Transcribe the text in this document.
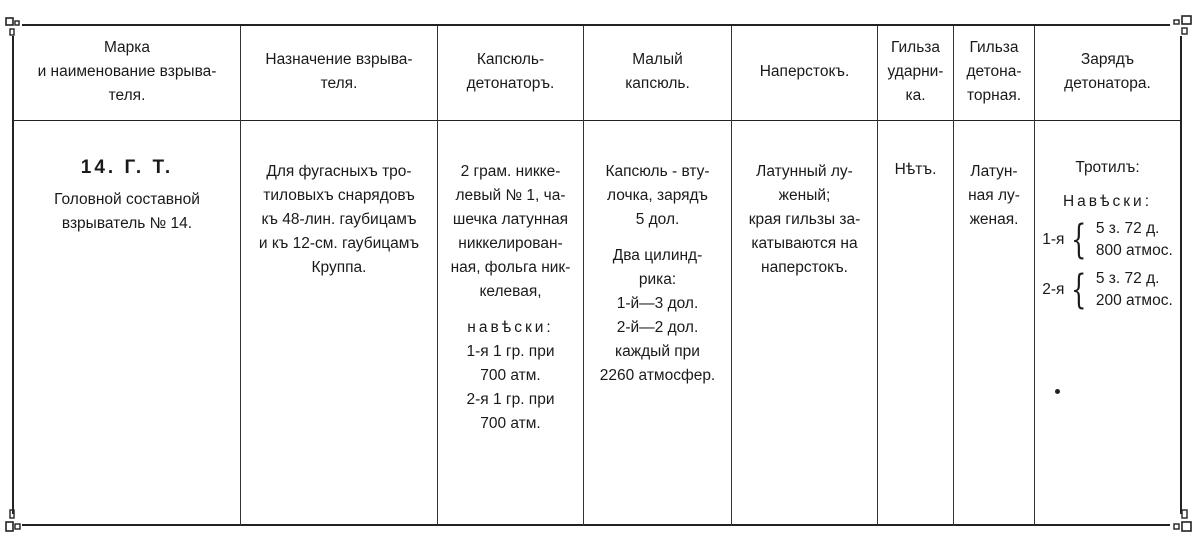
Марка
и наименование взрыва-
теля.
Назначение взрыва-
теля.
Капсюль-
детонаторъ.
Малый
капсюль.
Наперстокъ.
Гильза
ударни-
ка.
Гильза
детона-
торная.
Зарядъ
детонатора.
14. Г. Т.
Головной составной
взрыватель № 14.
Для фугасныхъ тро-
тиловыхъ снарядовъ
къ 48-лин. гаубицамъ
и къ 12-см. гаубицамъ
Круппа.
2 грам. никке-
левый № 1, ча-
шечка латунная
никкелирован-
ная, фольга ник-
келевая,
навѣски:
1-я 1 гр. при
700 атм.
2-я 1 гр. при
700 атм.
Капсюль - вту-
лочка, зарядъ
5 дол.
Два цилинд-
рика:
1-й—3 дол.
2-й—2 дол.
каждый при
2260 атмосфер.
Латунный лу-
женый;
края гильзы за-
катываются на
наперстокъ.
Нѣтъ.	Латун-
ная лу-
женая.
Тротилъ:
Навѣски:
1-я { 5 з. 72 д.
800 атмос.
2-я { 5 з. 72 д.
200 атмос.
